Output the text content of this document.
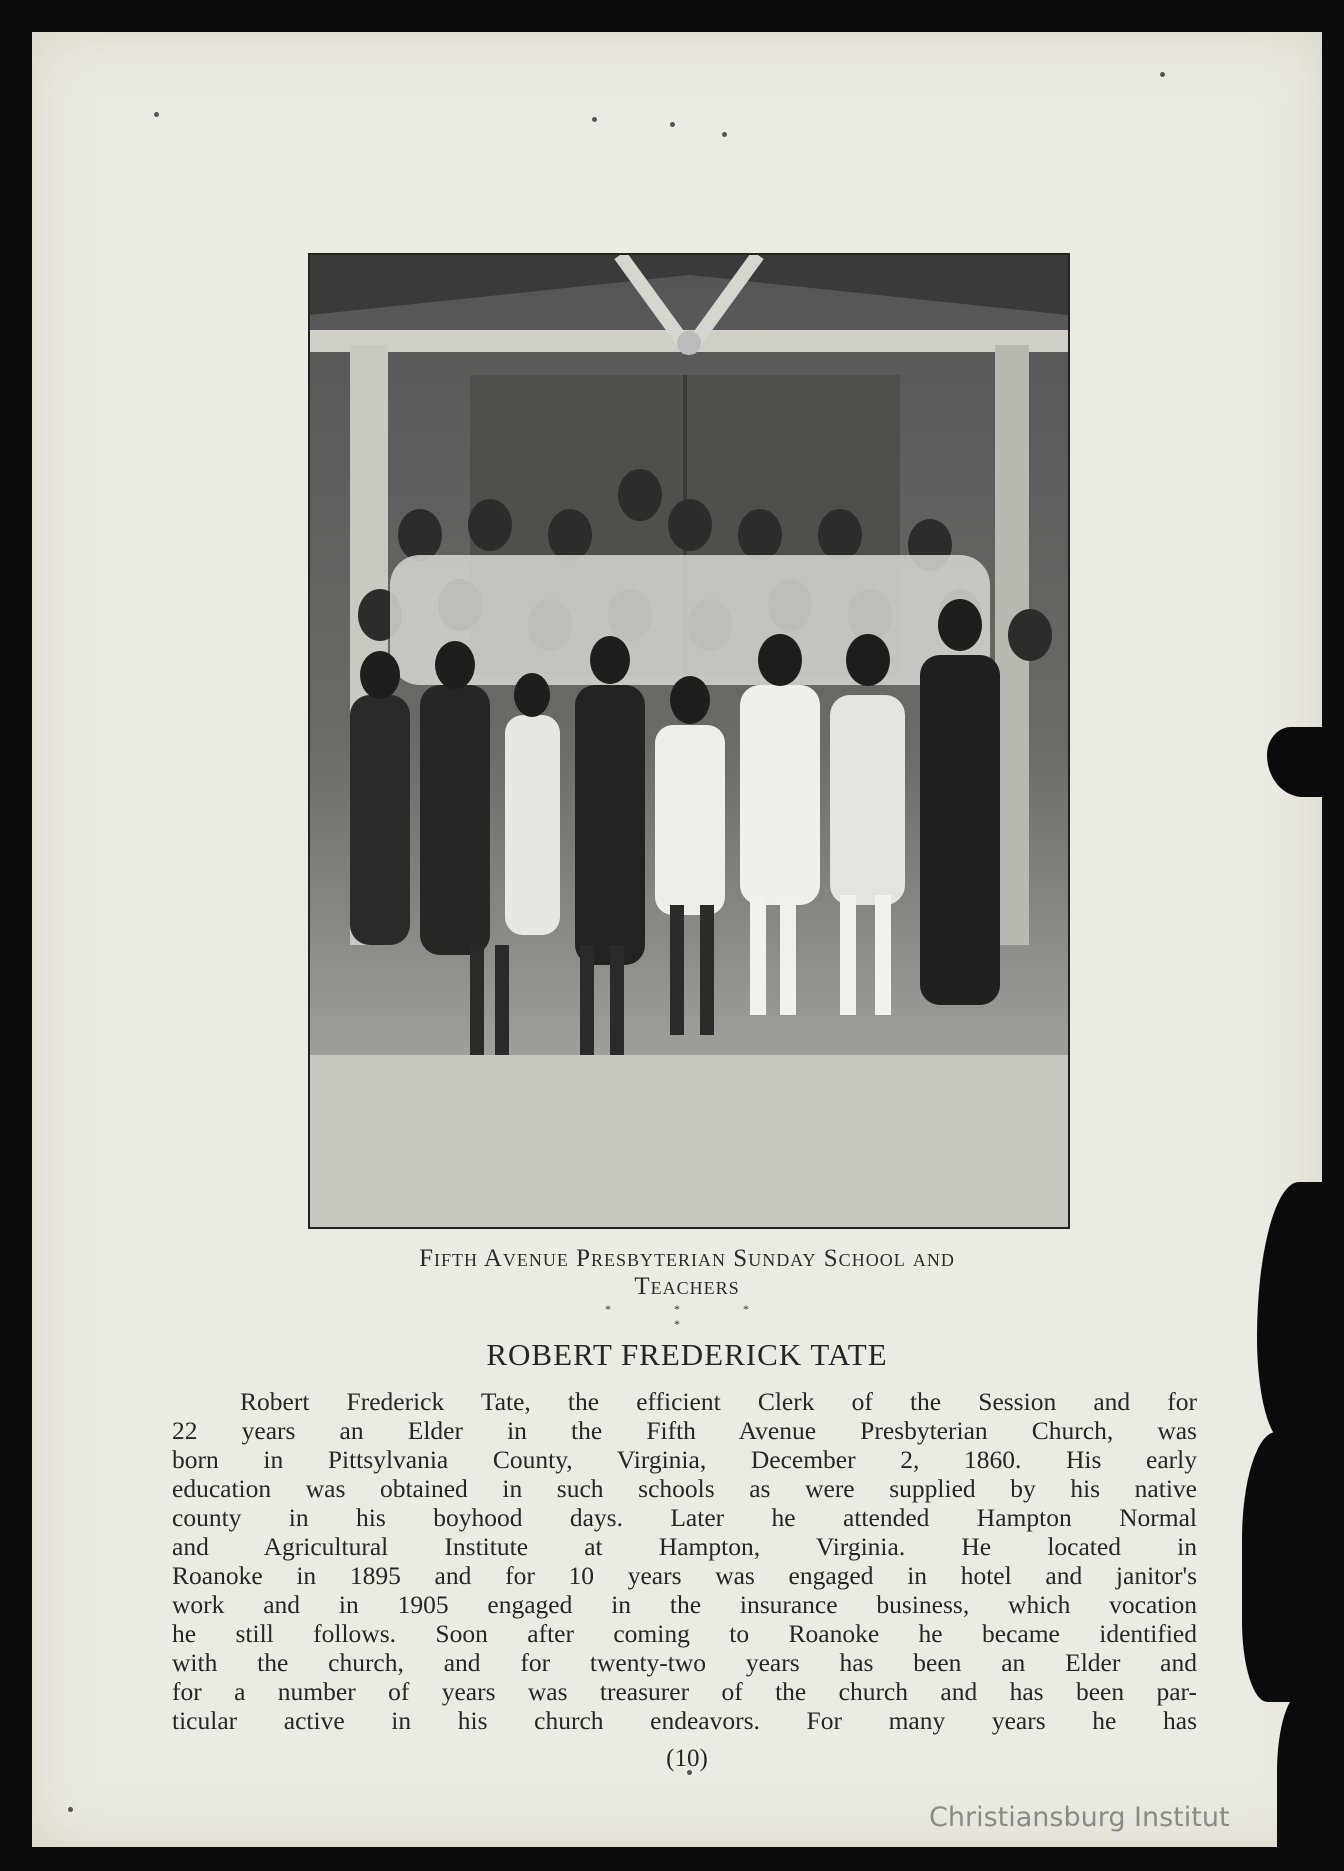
Fifth Avenue Presbyterian Sunday School and
Teachers
* * * *
ROBERT FREDERICK TATE
Robert Frederick Tate, the efficient Clerk of the Session and for
22 years an Elder in the Fifth Avenue Presbyterian Church, was
born in Pittsylvania County, Virginia, December 2, 1860. His early
education was obtained in such schools as were supplied by his native
county in his boyhood days. Later he attended Hampton Normal
and Agricultural Institute at Hampton, Virginia. He located in
Roanoke in 1895 and for 10 years was engaged in hotel and janitor's
work and in 1905 engaged in the insurance business, which vocation
he still follows. Soon after coming to Roanoke he became identified
with the church, and for twenty-two years has been an Elder and
for a number of years was treasurer of the church and has been par-
ticular active in his church endeavors. For many years he has
(10)
Christiansburg Institut
